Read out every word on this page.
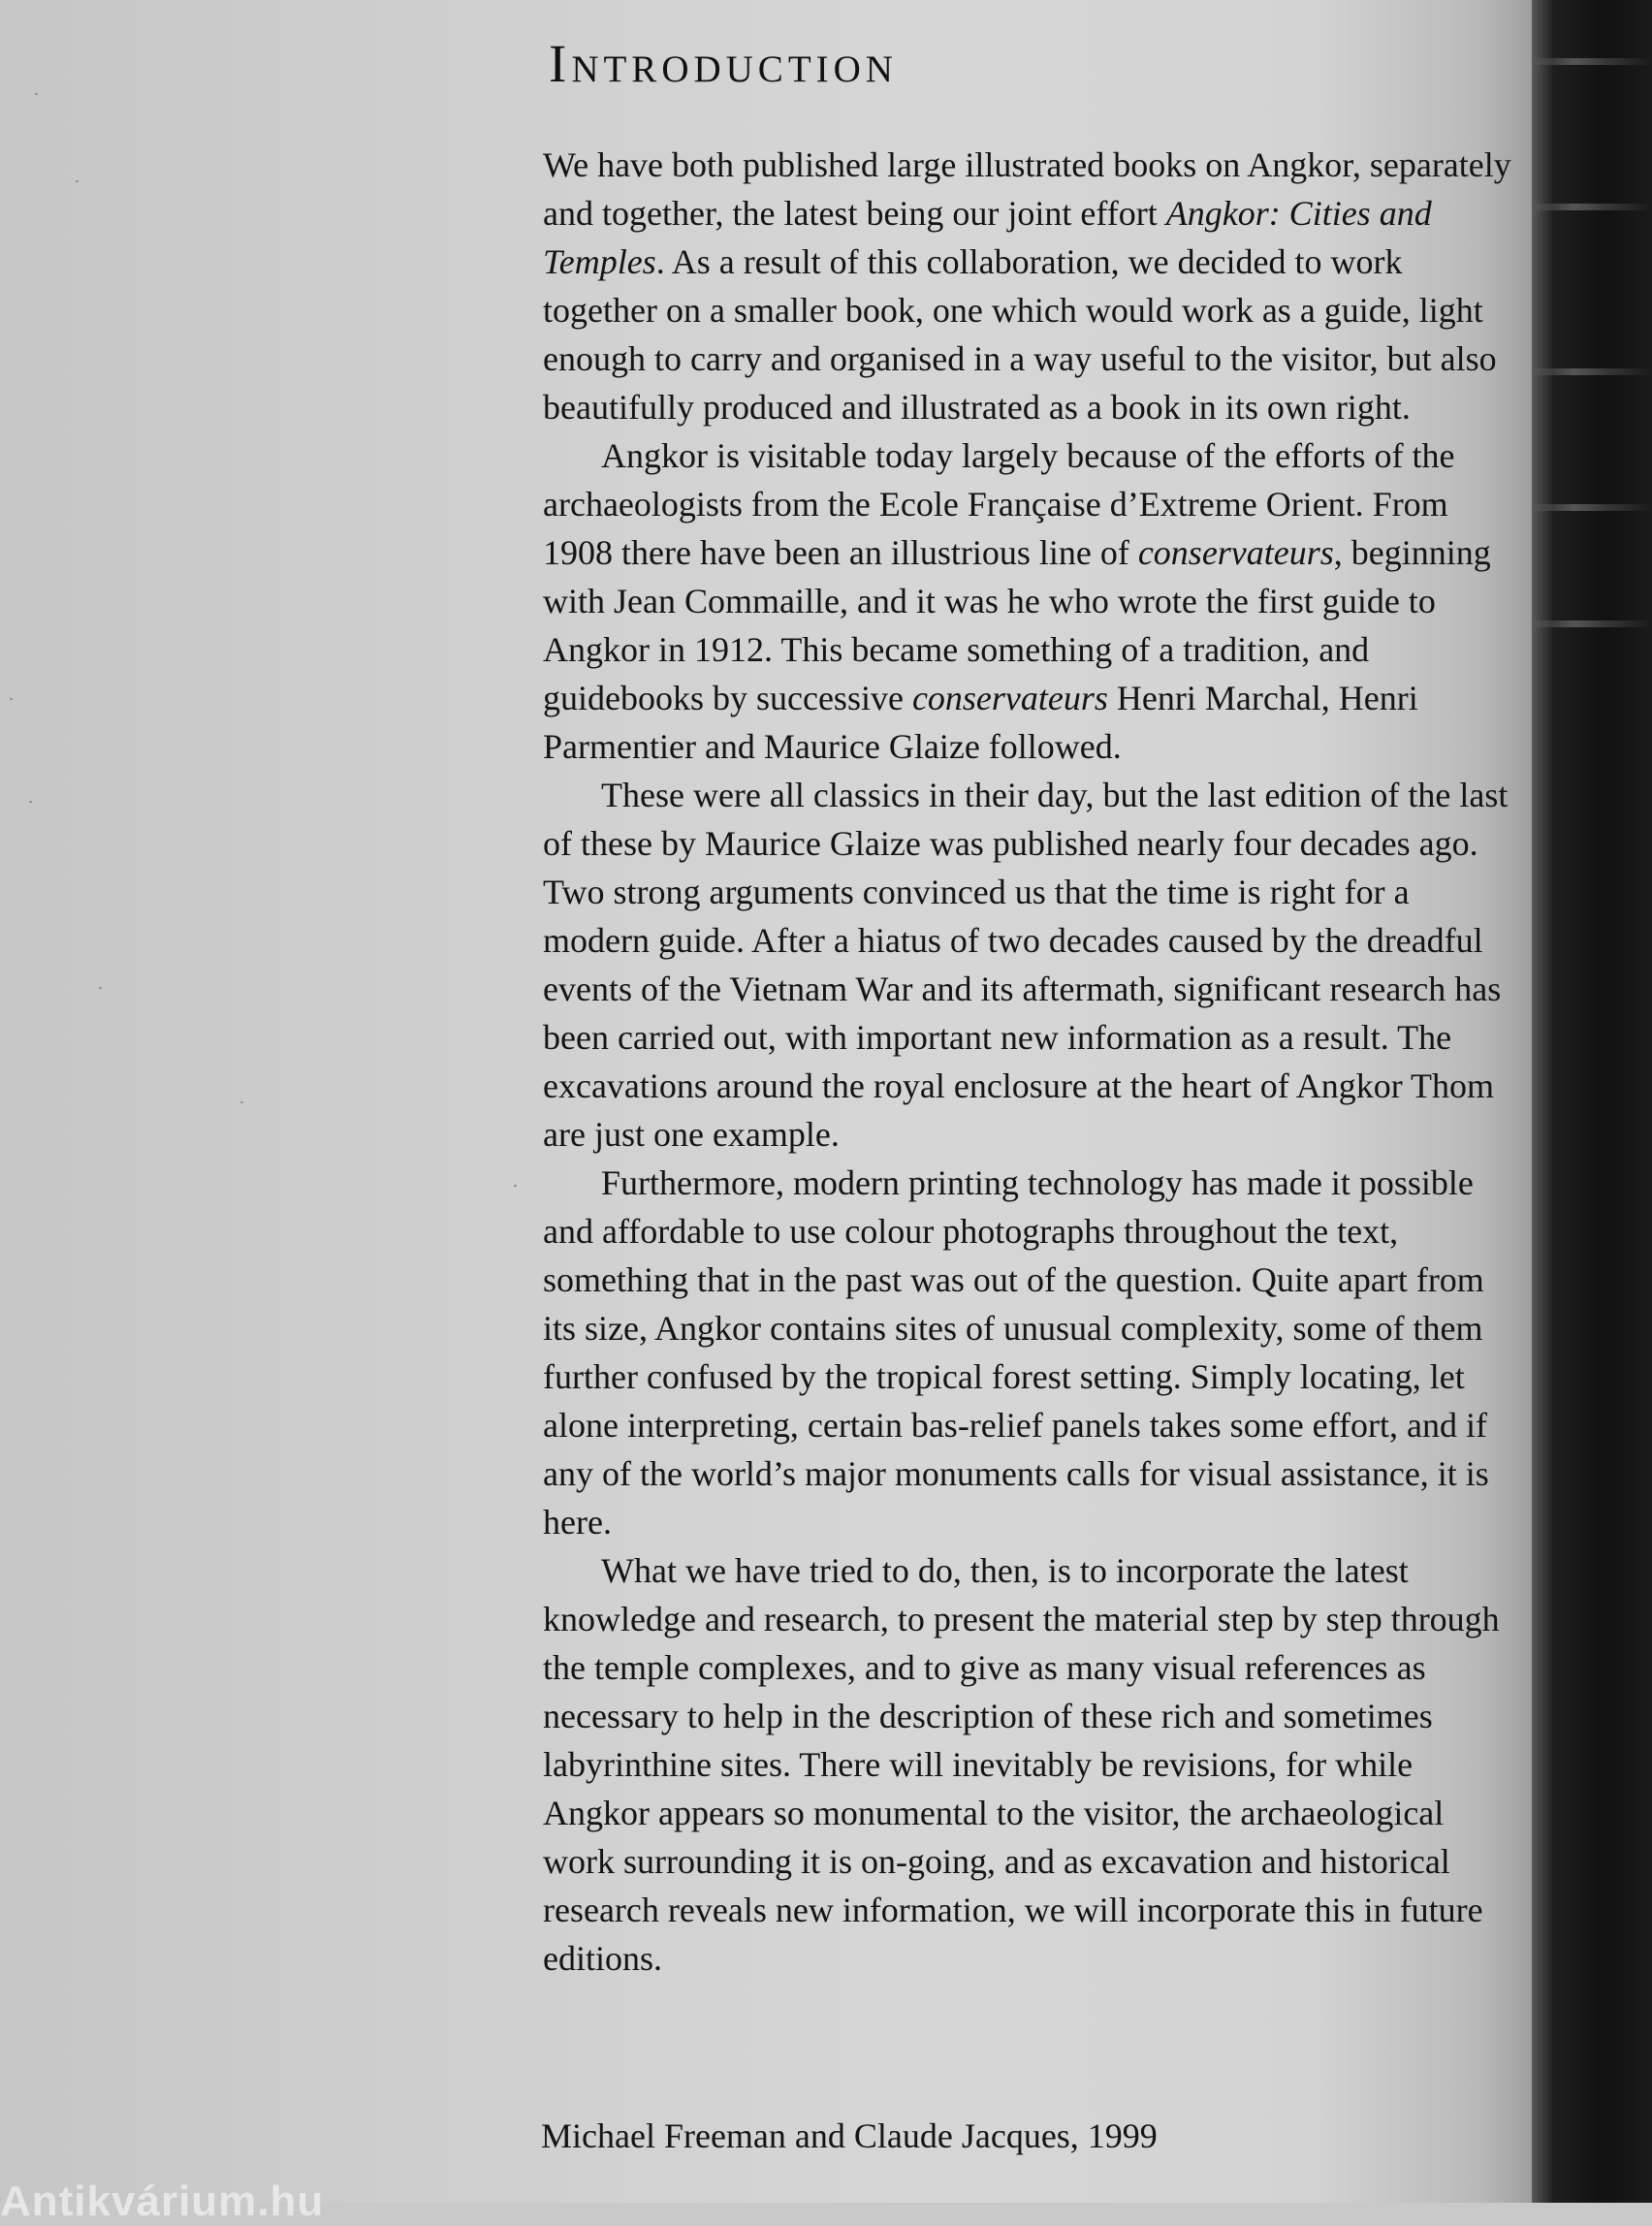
Introduction

We have both published large illustrated books on Angkor, separately and together, the latest being our joint effort Angkor: Cities and Temples. As a result of this collaboration, we decided to work together on a smaller book, one which would work as a guide, light enough to carry and organised in a way useful to the visitor, but also beautifully produced and illustrated as a book in its own right.

Angkor is visitable today largely because of the efforts of the archaeologists from the Ecole Française d’Extreme Orient. From 1908 there have been an illustrious line of conservateurs, beginning with Jean Commaille, and it was he who wrote the first guide to Angkor in 1912. This became something of a tradition, and guidebooks by successive conservateurs Henri Marchal, Henri Parmentier and Maurice Glaize followed.

These were all classics in their day, but the last edition of the last of these by Maurice Glaize was published nearly four decades ago. Two strong arguments convinced us that the time is right for a modern guide. After a hiatus of two decades caused by the dreadful events of the Vietnam War and its aftermath, significant research has been carried out, with important new information as a result. The excavations around the royal enclosure at the heart of Angkor Thom are just one example.

Furthermore, modern printing technology has made it possible and affordable to use colour photographs throughout the text, something that in the past was out of the question. Quite apart from its size, Angkor contains sites of unusual complexity, some of them further confused by the tropical forest setting. Simply locating, let alone interpreting, certain bas-relief panels takes some effort, and if any of the world’s major monuments calls for visual assistance, it is here.

What we have tried to do, then, is to incorporate the latest knowledge and research, to present the material step by step through the temple complexes, and to give as many visual references as necessary to help in the description of these rich and sometimes labyrinthine sites. There will inevitably be revisions, for while Angkor appears so monumental to the visitor, the archaeological work surrounding it is on-going, and as excavation and historical research reveals new information, we will incorporate this in future editions.

Michael Freeman and Claude Jacques, 1999

Antikvárium.hu
